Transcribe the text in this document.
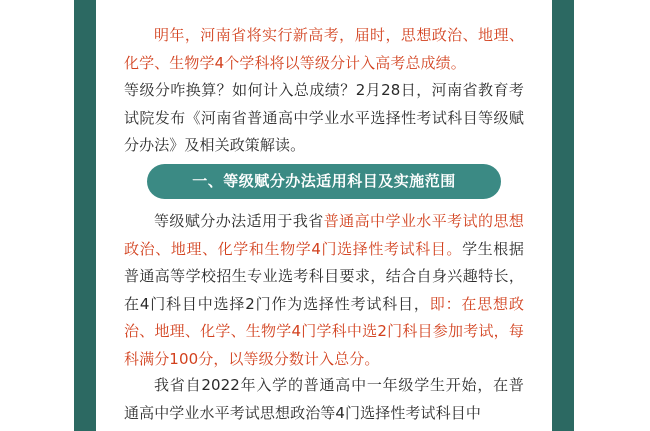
明年，河南省将实行新高考，届时，思想政治、地理、化学、生物学4个学科将以等级分计入高考总成绩。
等级分咋换算？如何计入总成绩？2月28日，河南省教育考试院发布《河南省普通高中学业水平选择性考试科目等级赋分办法》及相关政策解读。

等级赋分办法适用于我省普通高中学业水平考试的思想政治、地理、化学和生物学4门选择性考试科目。学生根据普通高等学校招生专业选考科目要求，结合自身兴趣特长，在4门科目中选择2门作为选择性考试科目，即：在思想政治、地理、化学、生物学4门学科中选2门科目参加考试，每科满分100分，以等级分数计入总分。

我省自2022年入学的普通高中一年级学生开始，在普通高中学业水平考试思想政治等4门选择性考试科目中

一、等级赋分办法适用科目及实施范围
